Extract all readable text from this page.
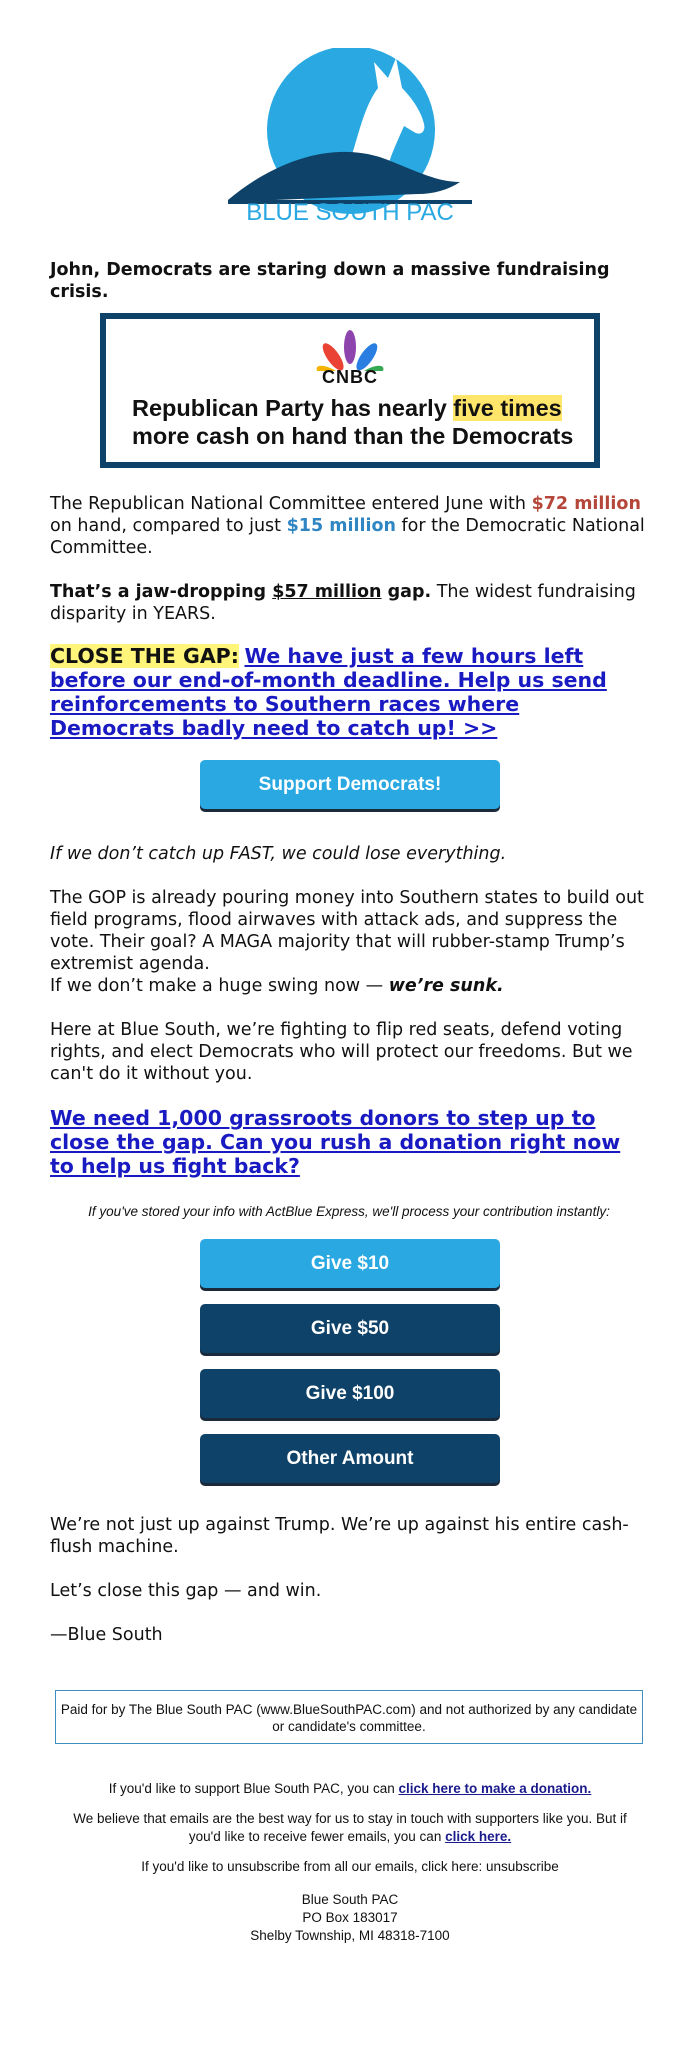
BLUE SOUTH PAC

John, Democrats are staring down a massive fundraising crisis.

CNBC
Republican Party has nearly five times more cash on hand than the Democrats

The Republican National Committee entered June with $72 million on hand, compared to just $15 million for the Democratic National Committee.

That’s a jaw-dropping $57 million gap. The widest fundraising disparity in YEARS.

CLOSE THE GAP: We have just a few hours left before our end-of-month deadline. Help us send reinforcements to Southern races where Democrats badly need to catch up! >>

Support Democrats!

If we don’t catch up FAST, we could lose everything.

The GOP is already pouring money into Southern states to build out field programs, flood airwaves with attack ads, and suppress the vote. Their goal? A MAGA majority that will rubber-stamp Trump’s extremist agenda.

If we don’t make a huge swing now — we’re sunk.

Here at Blue South, we’re fighting to flip red seats, defend voting rights, and elect Democrats who will protect our freedoms. But we can't do it without you.

We need 1,000 grassroots donors to step up to close the gap. Can you rush a donation right now to help us fight back?

If you've stored your info with ActBlue Express, we'll process your contribution instantly:

Give $10
Give $50
Give $100
Other Amount

We’re not just up against Trump. We’re up against his entire cash-flush machine.

Let’s close this gap — and win.

—Blue South

Paid for by The Blue South PAC (www.BlueSouthPAC.com) and not authorized by any candidate or candidate's committee.
If you'd like to support Blue South PAC, you can click here to make a donation.
We believe that emails are the best way for us to stay in touch with supporters like you. But if you'd like to receive fewer emails, you can click here.
If you'd like to unsubscribe from all our emails, click here: unsubscribe
Blue South PAC
PO Box 183017
Shelby Township, MI 48318-7100
